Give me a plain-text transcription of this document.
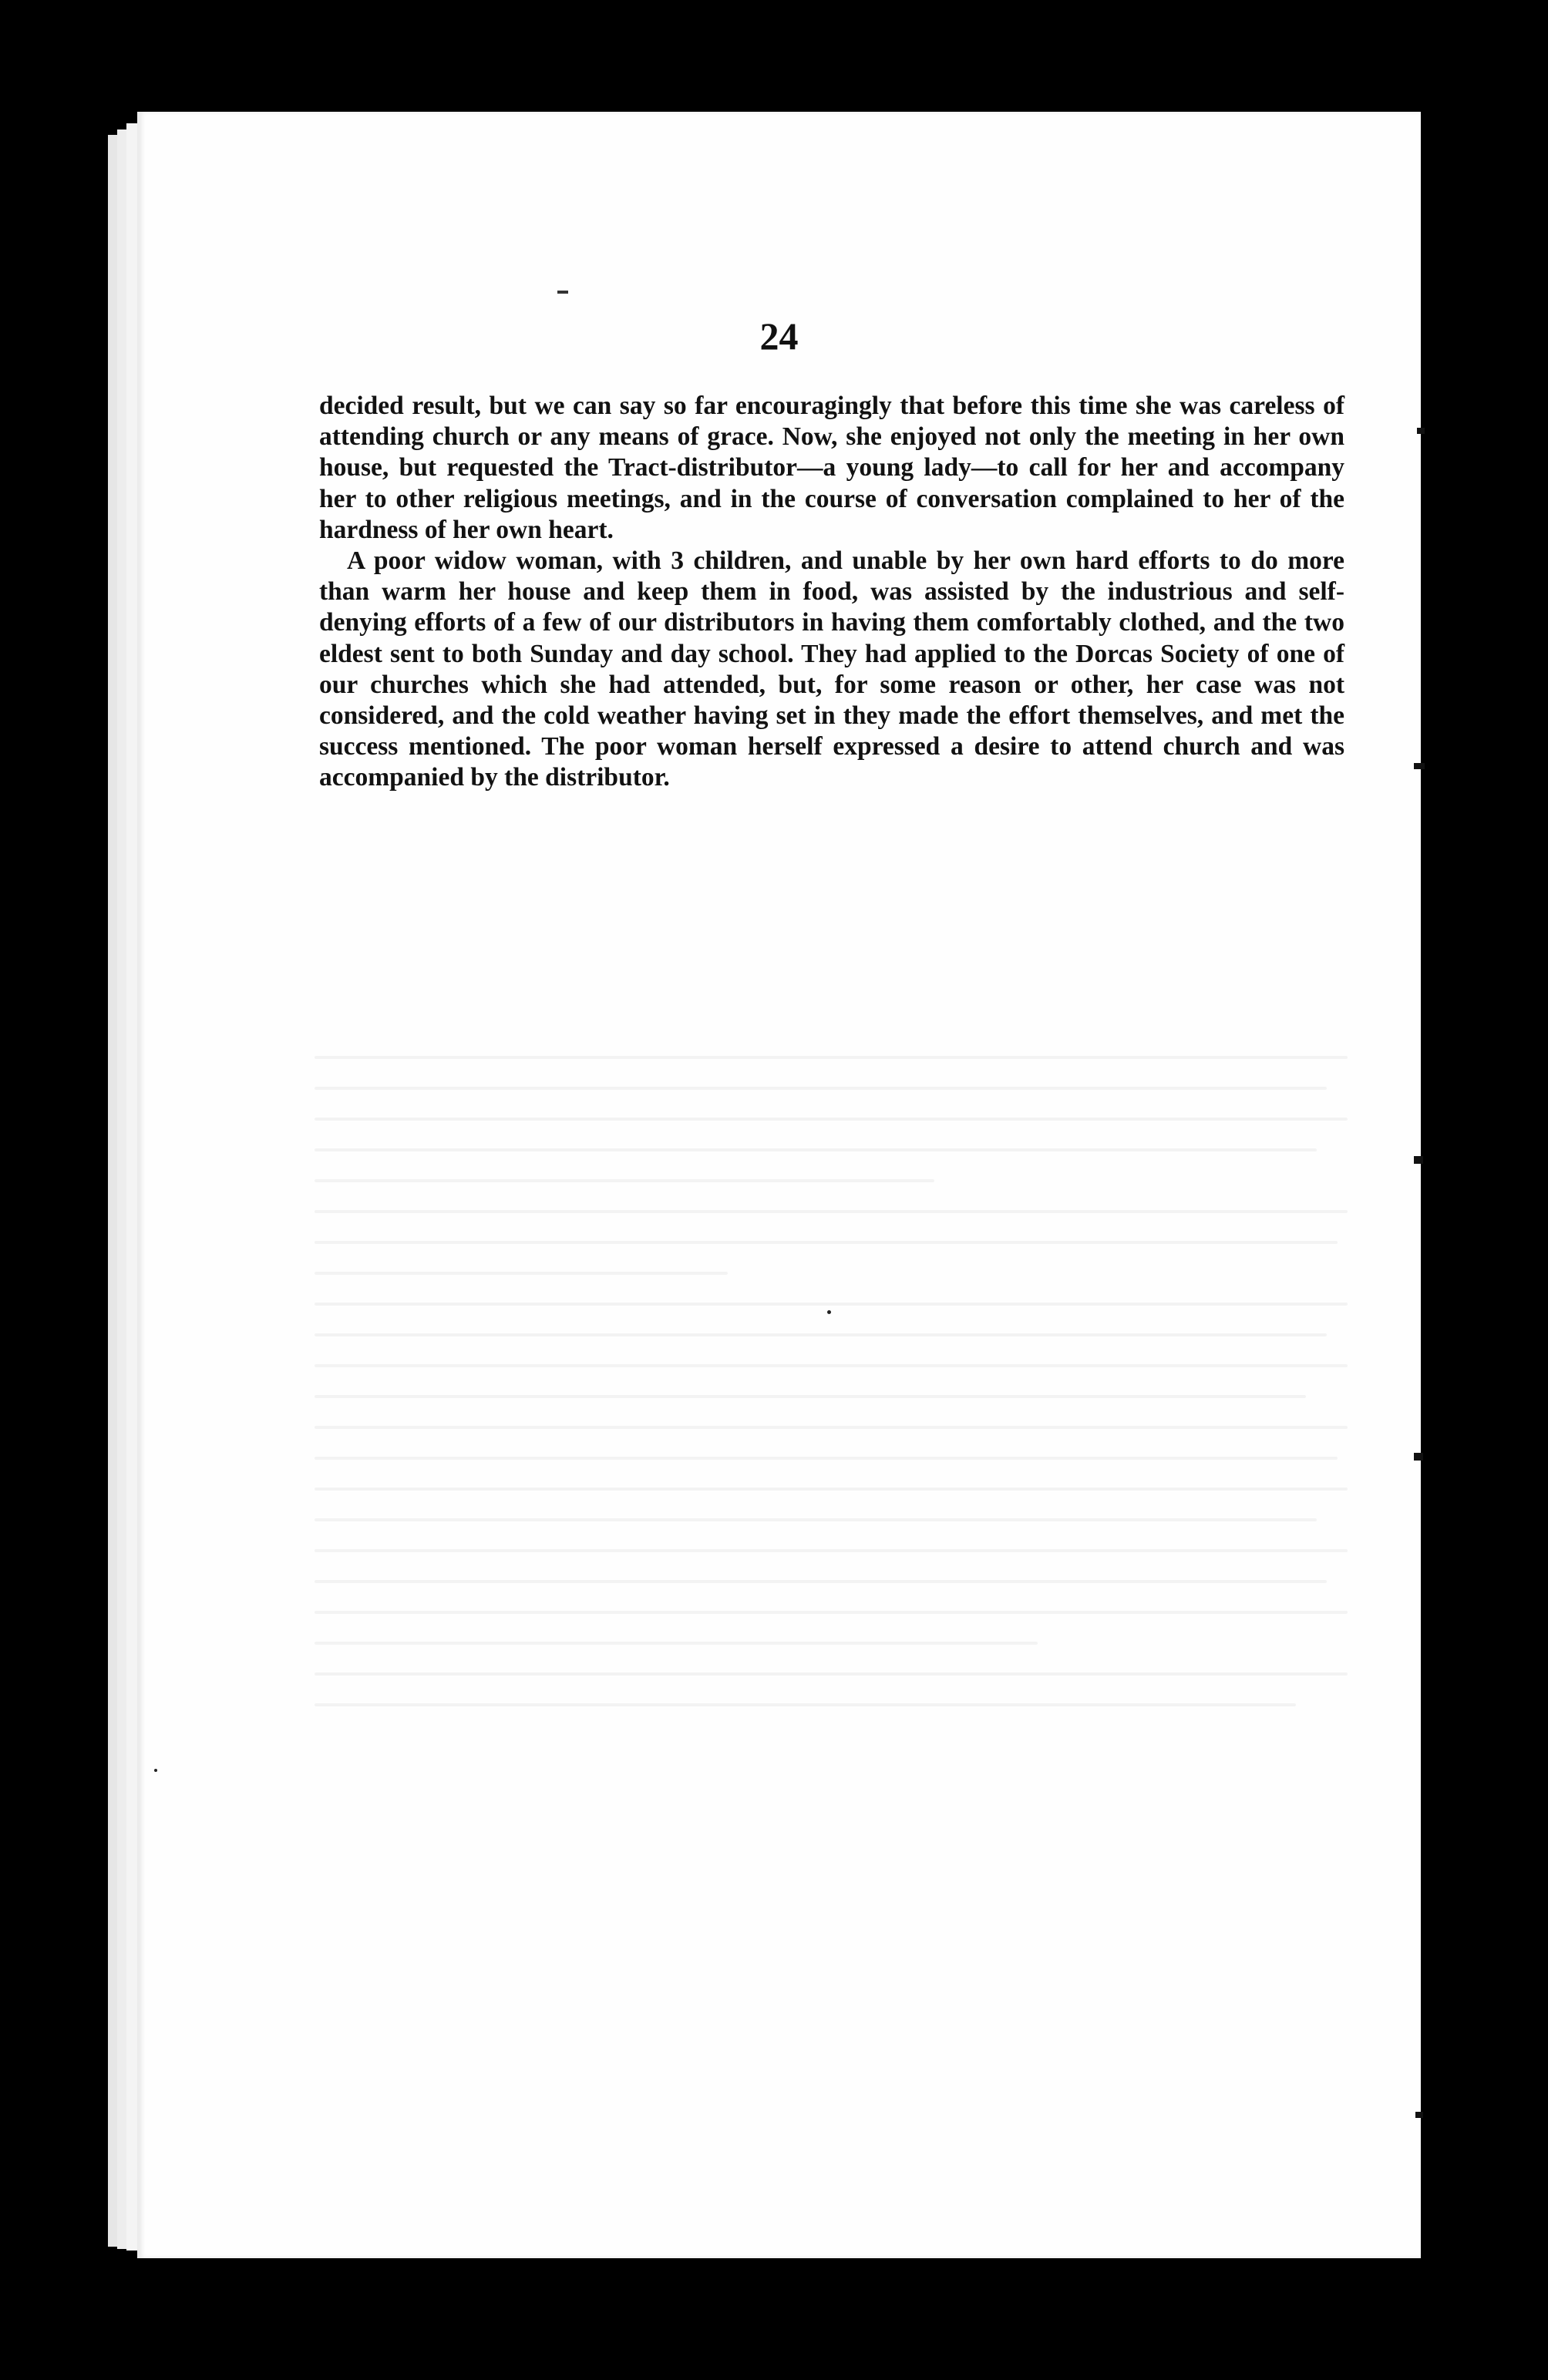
24

decided result, but we can say so far encouragingly that before this time she was careless of attending church or any means of grace. Now, she enjoyed not only the meeting in her own house, but requested the Tract-distributor—a young lady—to call for her and accompany her to other religious meetings, and in the course of conversation complained to her of the hardness of her own heart.

A poor widow woman, with 3 children, and unable by her own hard efforts to do more than warm her house and keep them in food, was assisted by the industrious and self-denying efforts of a few of our distributors in having them comfortably clothed, and the two eldest sent to both Sunday and day school. They had applied to the Dorcas Society of one of our churches which she had attended, but, for some reason or other, her case was not considered, and the cold weather having set in they made the effort themselves, and met the success mentioned. The poor woman herself expressed a desire to attend church and was accompanied by the distributor.
